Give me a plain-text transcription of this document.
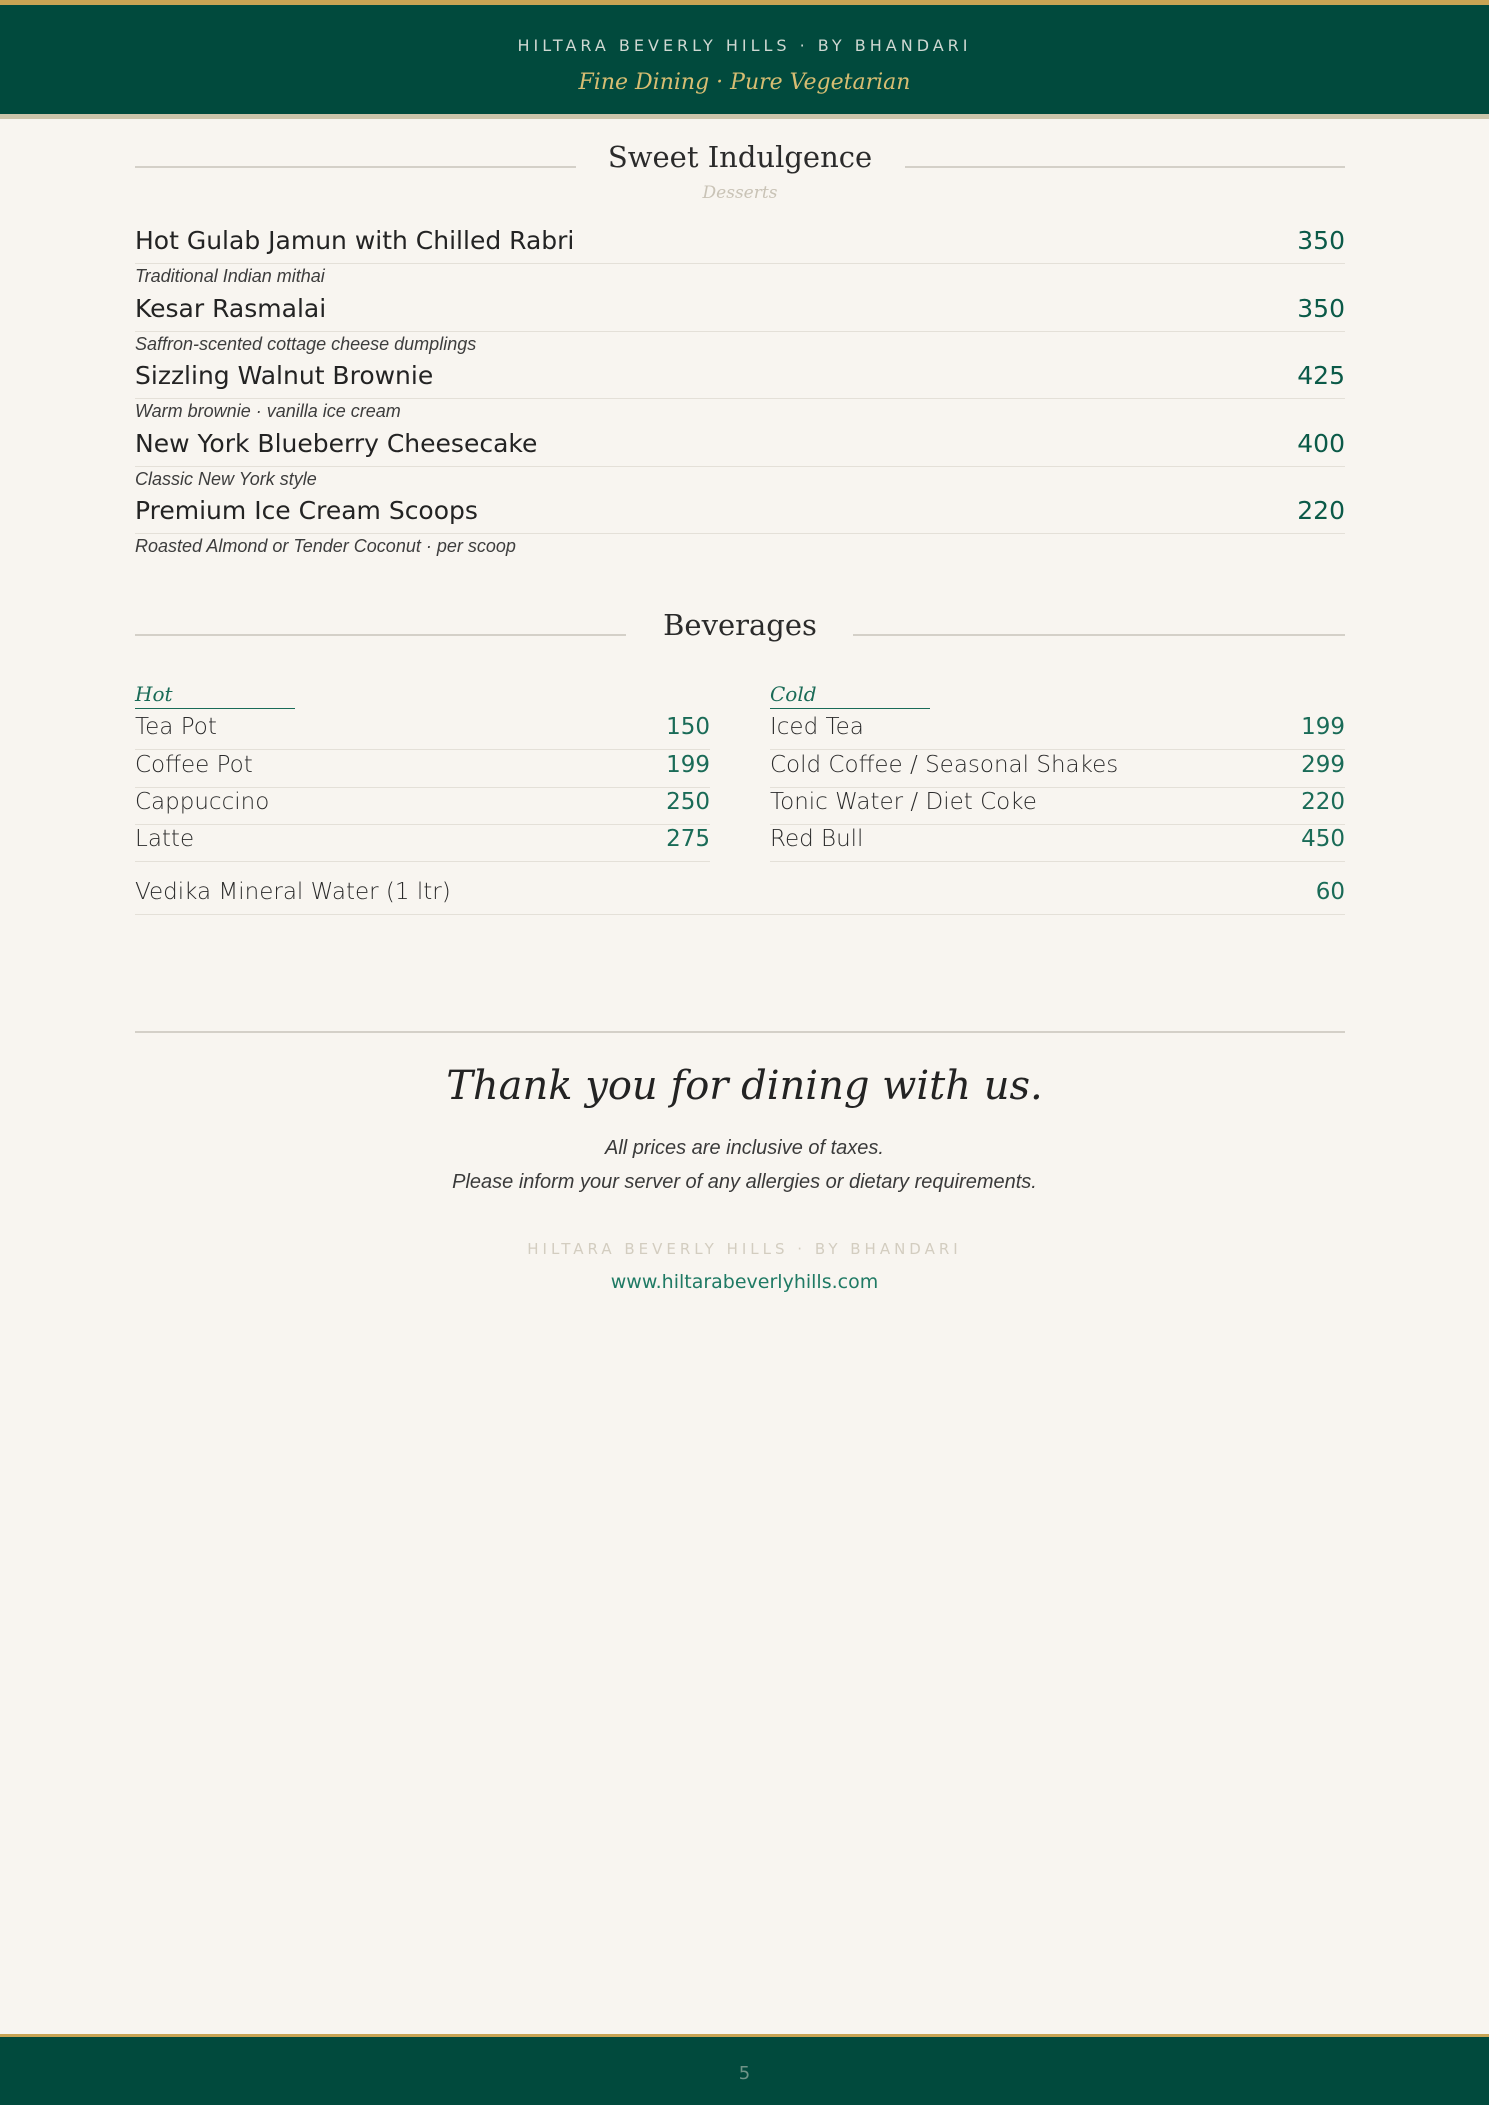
HILTARA BEVERLY HILLS · BY BHANDARI
Fine Dining · Pure Vegetarian
Sweet Indulgence
Desserts
Hot Gulab Jamun with Chilled Rabri	350
Traditional Indian mithai
Kesar Rasmalai	350
Saffron-scented cottage cheese dumplings
Sizzling Walnut Brownie	425
Warm brownie · vanilla ice cream
New York Blueberry Cheesecake	400
Classic New York style
Premium Ice Cream Scoops	220
Roasted Almond or Tender Coconut · per scoop
Beverages
Hot	Cold
Tea Pot	150
Coffee Pot	199
Cappuccino	250
Latte	275
Iced Tea	199
Cold Coffee / Seasonal Shakes	299
Tonic Water / Diet Coke	220
Red Bull	450
Vedika Mineral Water (1 ltr)	60
Thank you for dining with us.
All prices are inclusive of taxes.
Please inform your server of any allergies or dietary requirements.
HILTARA BEVERLY HILLS · BY BHANDARI
www.hiltarabeverlyhills.com
5
